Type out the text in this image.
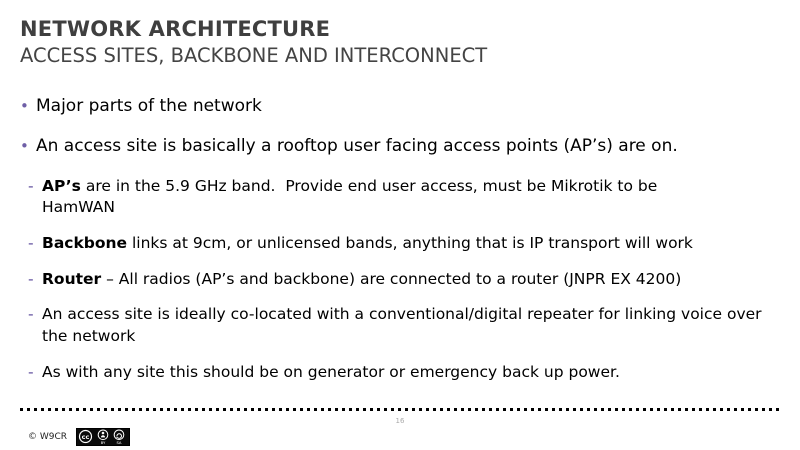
NETWORK ARCHITECTURE
ACCESS SITES, BACKBONE AND INTERCONNECT
• Major parts of the network
• An access site is basically a rooftop user facing access points (AP’s) are on.
- AP’s are in the 5.9 GHz band.  Provide end user access, must be Mikrotik to be HamWAN
- Backbone links at 9cm, or unlicensed bands, anything that is IP transport will work
- Router – All radios (AP’s and backbone) are connected to a router (JNPR EX 4200)
- An access site is ideally co-located with a conventional/digital repeater for linking voice over the network
- As with any site this should be on generator or emergency back up power.
16
© W9CR cc
BY	SA
